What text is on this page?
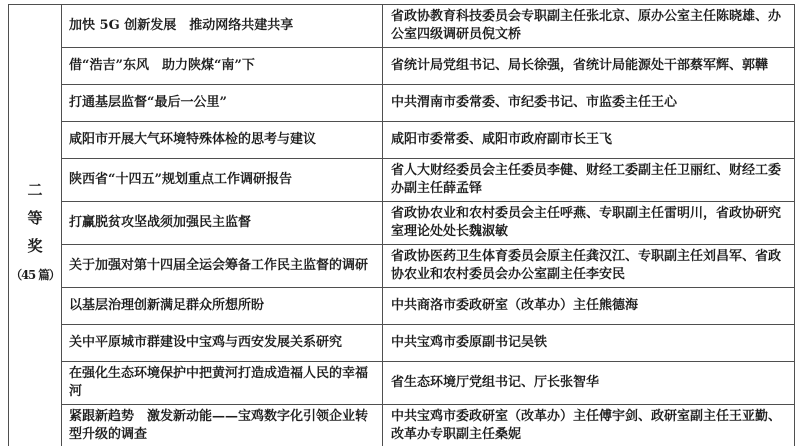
二
等
奖
（45 篇）	加快 5G 创新发展　推动网络共建共享	省政协教育科技委员会专职副主任张北京、原办公室主任陈晓雄、办公室四级调研员倪文桥
	借“浩吉”东风　助力陕煤“南”下	省统计局党组书记、局长徐强，省统计局能源处干部蔡军辉、郭鞾
	打通基层监督“最后一公里”	中共渭南市委常委、市纪委书记、市监委主任王心
	咸阳市开展大气环境特殊体检的思考与建议	咸阳市委常委、咸阳市政府副市长王飞
	陕西省“十四五”规划重点工作调研报告	省人大财经委员会主任委员李健、财经工委副主任卫丽红、财经工委办副主任薛孟铎
	打赢脱贫攻坚战须加强民主监督	省政协农业和农村委员会主任呼燕、专职副主任雷明川，省政协研究室理论处处长魏淑敏
	关于加强对第十四届全运会筹备工作民主监督的调研	省政协医药卫生体育委员会原主任龚汉江、专职副主任刘昌军、省政协农业和农村委员会办公室副主任李安民
	以基层治理创新满足群众所想所盼	中共商洛市委政研室（改革办）主任熊德海
	关中平原城市群建设中宝鸡与西安发展关系研究	中共宝鸡市委原副书记吴铁
	在强化生态环境保护中把黄河打造成造福人民的幸福河	省生态环境厅党组书记、厅长张智华
	紧跟新趋势　激发新动能——宝鸡数字化引领企业转型升级的调查	中共宝鸡市委政研室（改革办）主任傅宇剑、政研室副主任王亚勤、改革办专职副主任桑妮
